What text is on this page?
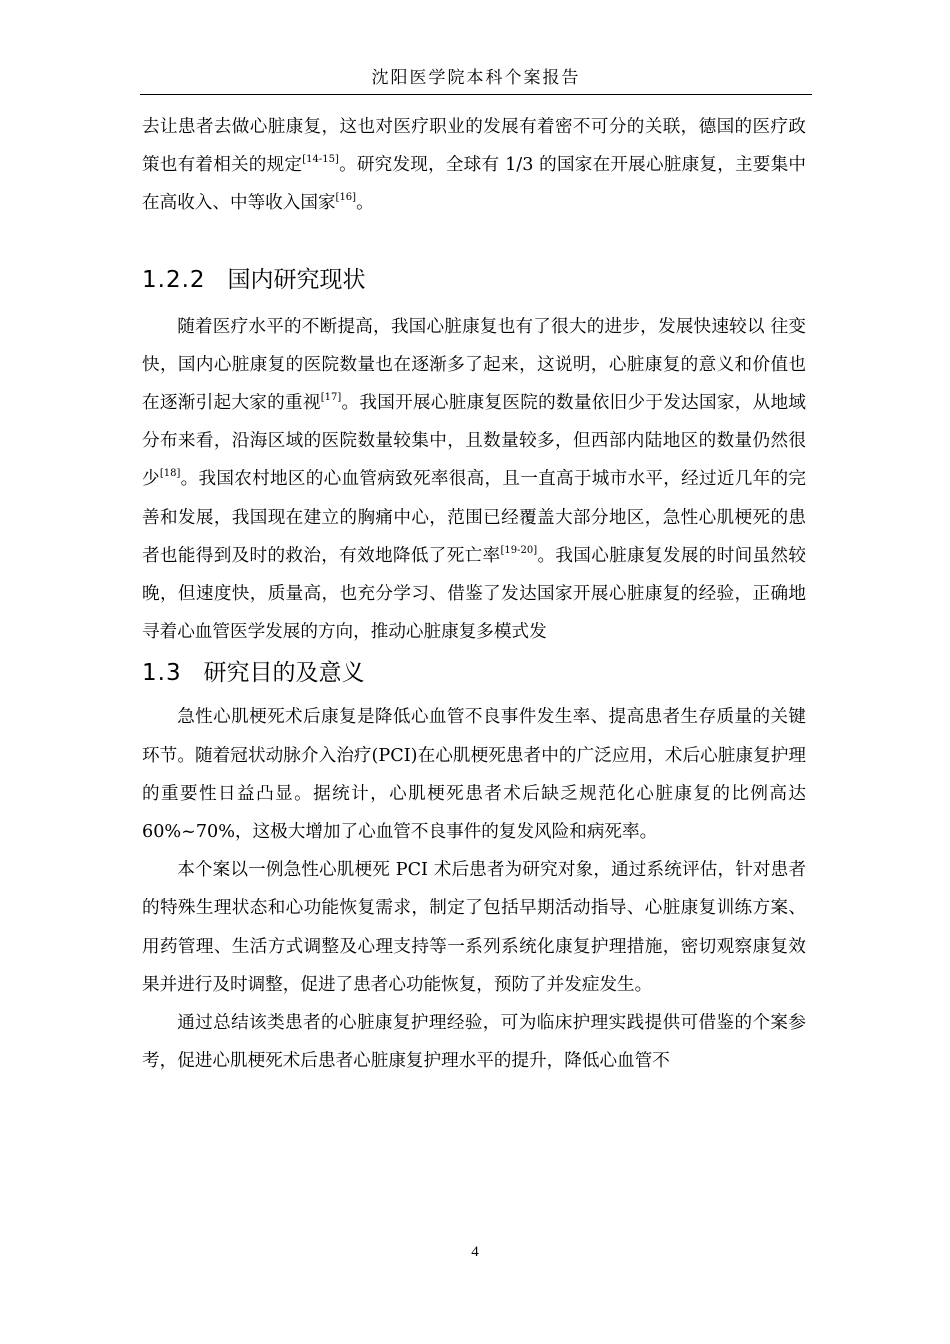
沈阳医学院本科个案报告

去让患者去做心脏康复，这也对医疗职业的发展有着密不可分的关联，德国的医疗政策也有着相关的规定[14-15]。研究发现，全球有 1/3 的国家在开展心脏康复，主要集中在高收入、中等收入国家[16]。

1.2.2 国内研究现状

随着医疗水平的不断提高，我国心脏康复也有了很大的进步，发展快速较以 往变快，国内心脏康复的医院数量也在逐渐多了起来，这说明，心脏康复的意义和价值也在逐渐引起大家的重视[17]。我国开展心脏康复医院的数量依旧少于发达国家，从地域分布来看，沿海区域的医院数量较集中，且数量较多，但西部内陆地区的数量仍然很少[18]。我国农村地区的心血管病致死率很高，且一直高于城市水平，经过近几年的完善和发展，我国现在建立的胸痛中心，范围已经覆盖大部分地区，急性心肌梗死的患者也能得到及时的救治，有效地降低了死亡率[19-20]。我国心脏康复发展的时间虽然较晚，但速度快，质量高，也充分学习、借鉴了发达国家开展心脏康复的经验，正确地寻着心血管医学发展的方向，推动心脏康复多模式发

1.3 研究目的及意义

急性心肌梗死术后康复是降低心血管不良事件发生率、提高患者生存质量的关键环节。随着冠状动脉介入治疗(PCI)在心肌梗死患者中的广泛应用，术后心脏康复护理的重要性日益凸显。据统计，心肌梗死患者术后缺乏规范化心脏康复的比例高达 60%~70%，这极大增加了心血管不良事件的复发风险和病死率。

本个案以一例急性心肌梗死 PCI 术后患者为研究对象，通过系统评估，针对患者的特殊生理状态和心功能恢复需求，制定了包括早期活动指导、心脏康复训练方案、用药管理、生活方式调整及心理支持等一系列系统化康复护理措施，密切观察康复效果并进行及时调整，促进了患者心功能恢复，预防了并发症发生。

通过总结该类患者的心脏康复护理经验，可为临床护理实践提供可借鉴的个案参考，促进心肌梗死术后患者心脏康复护理水平的提升，降低心血管不

4
